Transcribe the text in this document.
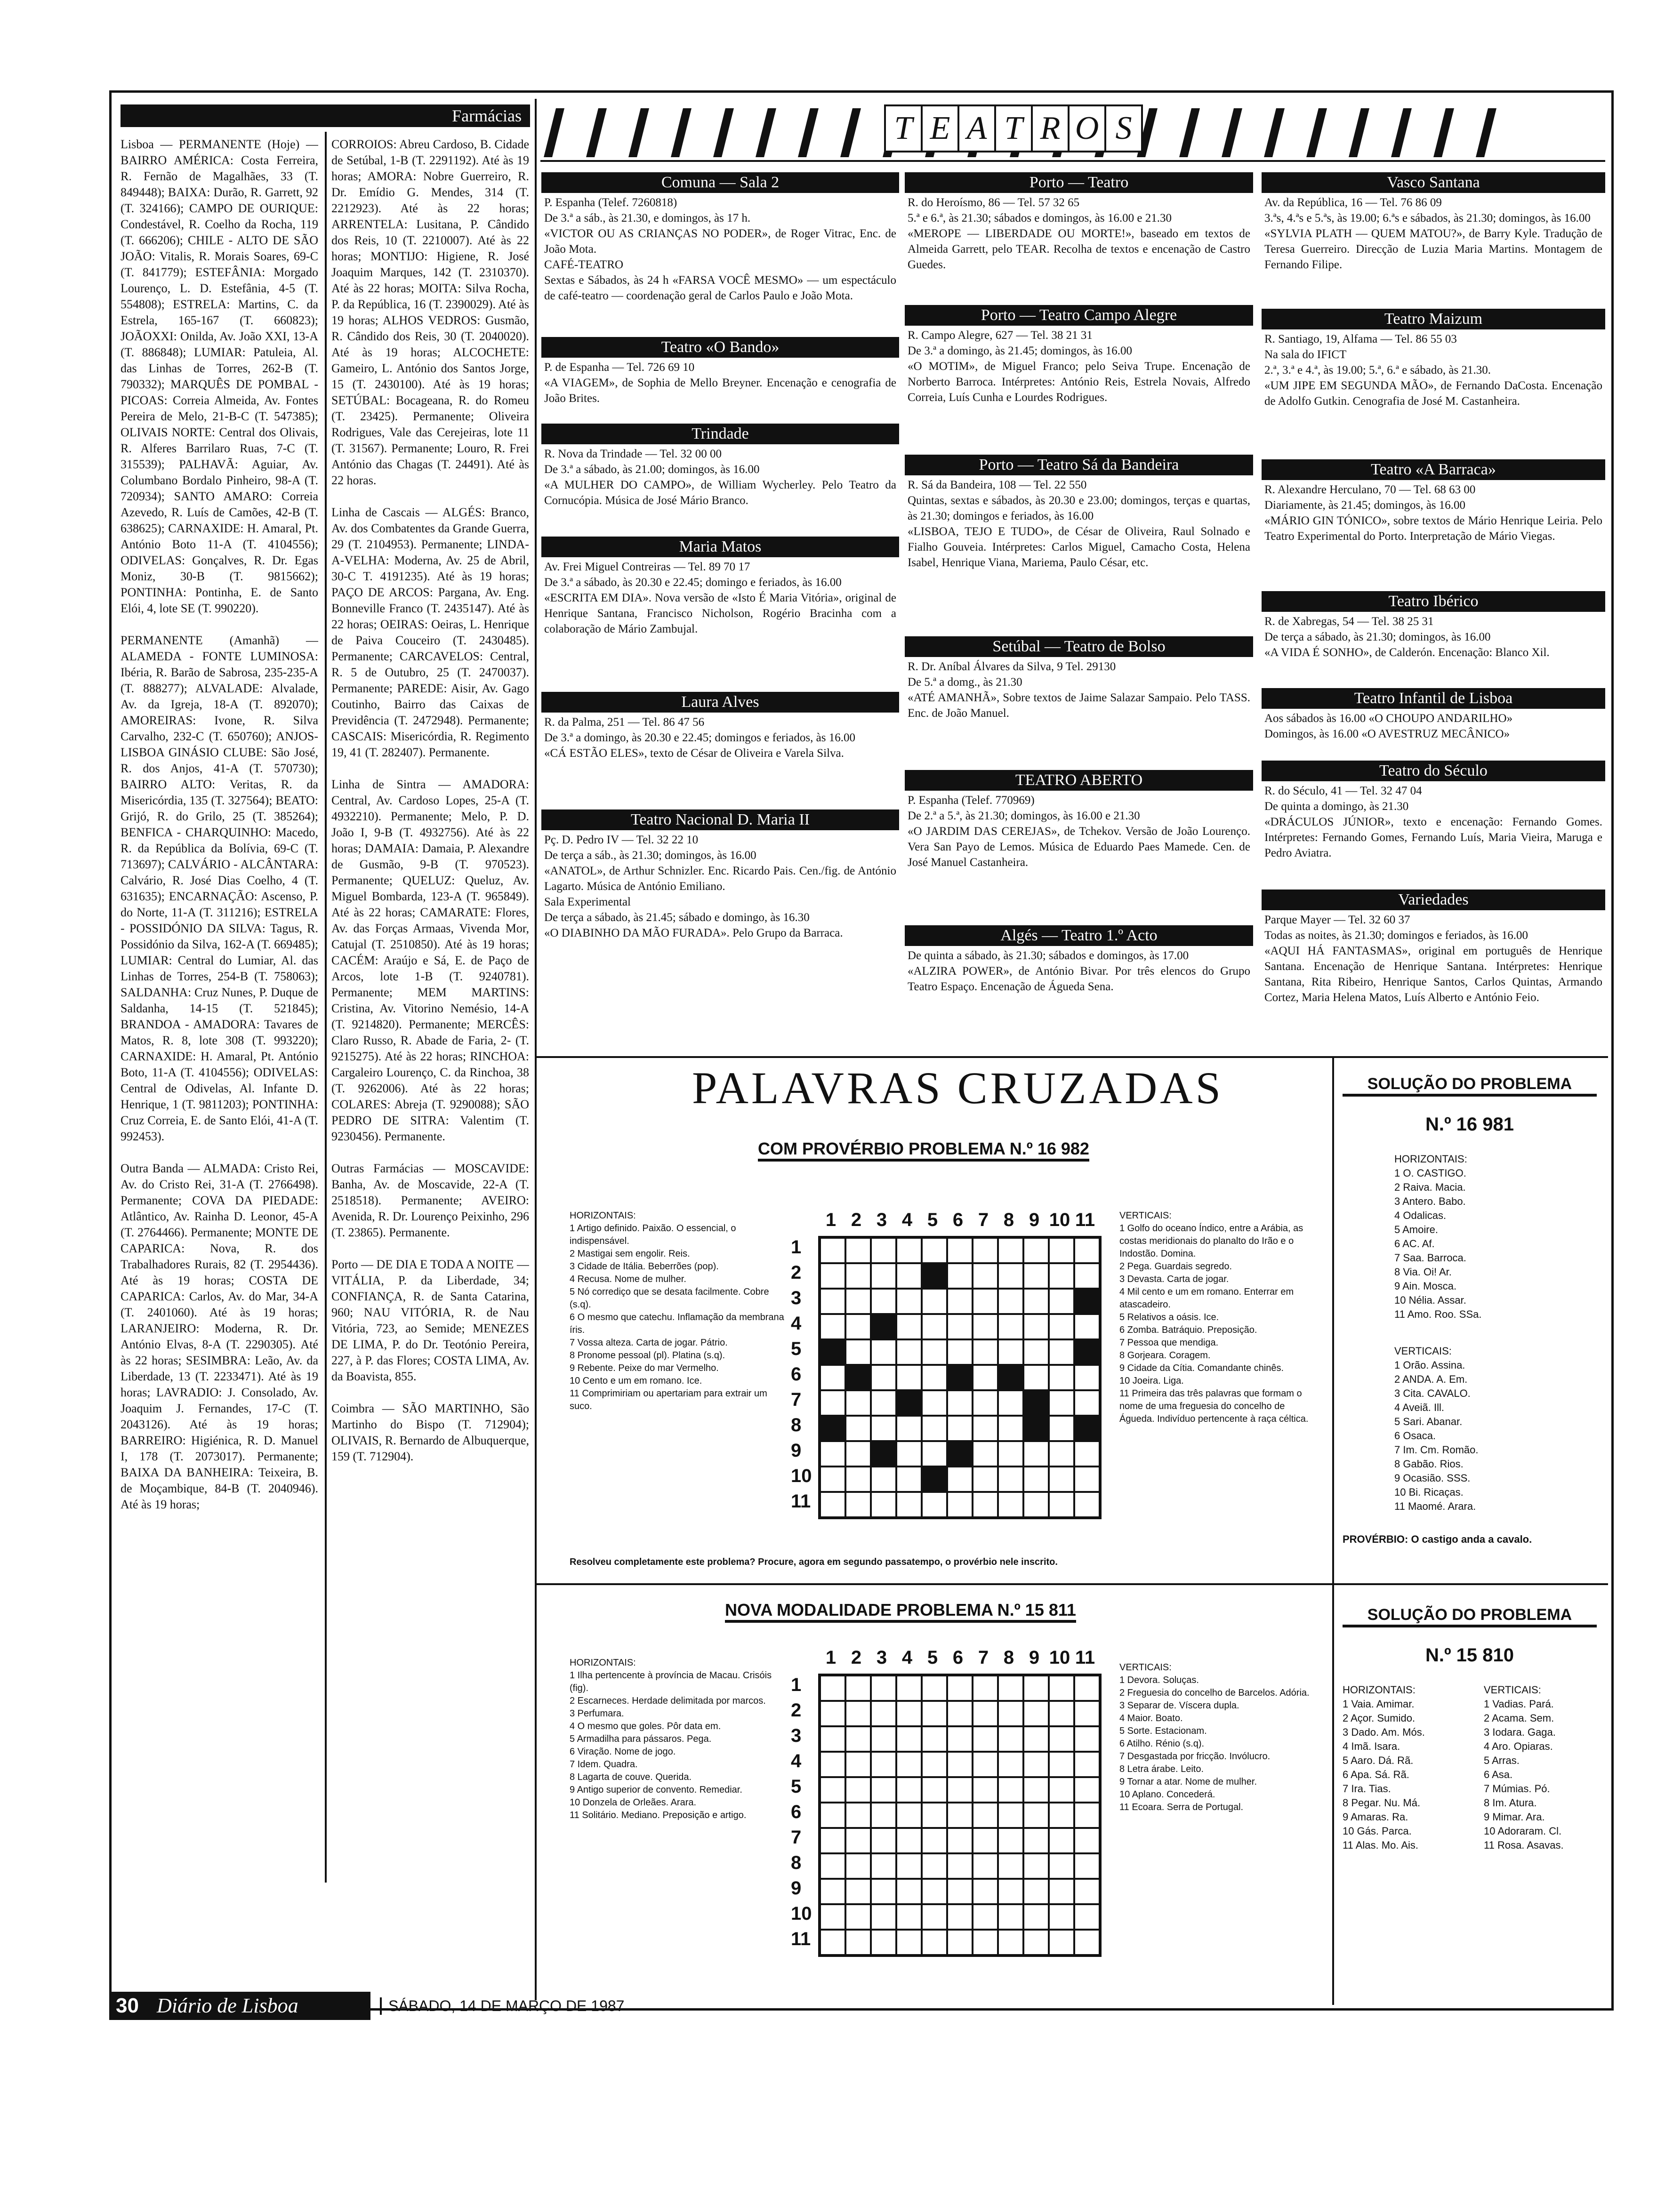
Farmácias
Lisboa — PERMANENTE (Hoje) — BAIRRO AMÉRICA: Costa Ferreira, R. Fernão de Magalhães, 33 (T. 849448); BAIXA: Durão, R. Garrett, 92 (T. 324166); CAMPO DE OURIQUE: Condestável, R. Coelho da Rocha, 119 (T. 666206); CHILE - ALTO DE SÃO JOÃO: Vitalis, R. Morais Soares, 69-C (T. 841779); ESTEFÂNIA: Morgado Lourenço, L. D. Estefânia, 4-5 (T. 554808); ESTRELA: Martins, C. da Estrela, 165-167 (T. 660823); JOÃOXXI: Onilda, Av. João XXI, 13-A (T. 886848); LUMIAR: Patuleia, Al. das Linhas de Torres, 262-B (T. 790332); MARQUÊS DE POMBAL - PICOAS: Correia Almeida, Av. Fontes Pereira de Melo, 21-B-C (T. 547385); OLIVAIS NORTE: Central dos Olivais, R. Alferes Barrilaro Ruas, 7-C (T. 315539); PALHAVÃ: Aguiar, Av. Columbano Bordalo Pinheiro, 98-A (T. 720934); SANTO AMARO: Correia Azevedo, R. Luís de Camões, 42-B (T. 638625); CARNAXIDE: H. Amaral, Pt. António Boto 11-A (T. 4104556); ODIVELAS: Gonçalves, R. Dr. Egas Moniz, 30-B (T. 9815662); PONTINHA: Pontinha, E. de Santo Elói, 4, lote SE (T. 990220).

PERMANENTE (Amanhã) — ALAMEDA - FONTE LUMINOSA: Ibéria, R. Barão de Sabrosa, 235-235-A (T. 888277); ALVALADE: Alvalade, Av. da Igreja, 18-A (T. 892070); AMOREIRAS: Ivone, R. Silva Carvalho, 232-C (T. 650760); ANJOS-LISBOA GINÁSIO CLUBE: São José, R. dos Anjos, 41-A (T. 570730); BAIRRO ALTO: Veritas, R. da Misericórdia, 135 (T. 327564); BEATO: Grijó, R. do Grilo, 25 (T. 385264); BENFICA - CHARQUINHO: Macedo, R. da República da Bolívia, 69-C (T. 713697); CALVÁRIO - ALCÂNTARA: Calvário, R. José Dias Coelho, 4 (T. 631635); ENCARNAÇÃO: Ascenso, P. do Norte, 11-A (T. 311216); ESTRELA - POSSIDÓNIO DA SILVA: Tagus, R. Possidónio da Silva, 162-A (T. 669485); LUMIAR: Central do Lumiar, Al. das Linhas de Torres, 254-B (T. 758063); SALDANHA: Cruz Nunes, P. Duque de Saldanha, 14-15 (T. 521845); BRANDOA - AMADORA: Tavares de Matos, R. 8, lote 308 (T. 993220); CARNAXIDE: H. Amaral, Pt. António Boto, 11-A (T. 4104556); ODIVELAS: Central de Odivelas, Al. Infante D. Henrique, 1 (T. 9811203); PONTINHA: Cruz Correia, E. de Santo Elói, 41-A (T. 992453).

Outra Banda — ALMADA: Cristo Rei, Av. do Cristo Rei, 31-A (T. 2766498). Permanente; COVA DA PIEDADE: Atlântico, Av. Rainha D. Leonor, 45-A (T. 2764466). Permanente; MONTE DE CAPARICA: Nova, R. dos Trabalhadores Rurais, 82 (T. 2954436). Até às 19 horas; COSTA DE CAPARICA: Carlos, Av. do Mar, 34-A (T. 2401060). Até às 19 horas; LARANJEIRO: Moderna, R. Dr. António Elvas, 8-A (T. 2290305). Até às 22 horas; SESIMBRA: Leão, Av. da Liberdade, 13 (T. 2233471). Até às 19 horas; LAVRADIO: J. Consolado, Av. Joaquim J. Fernandes, 17-C (T. 2043126). Até às 19 horas; BARREIRO: Higiénica, R. D. Manuel I, 178 (T. 2073017). Permanente; BAIXA DA BANHEIRA: Teixeira, B. de Moçambique, 84-B (T. 2040946). Até às 19 horas;
CORROIOS: Abreu Cardoso, B. Cidade de Setúbal, 1-B (T. 2291192). Até às 19 horas; AMORA: Nobre Guerreiro, R. Dr. Emídio G. Mendes, 314 (T. 2212923). Até às 22 horas; ARRENTELA: Lusitana, P. Cândido dos Reis, 10 (T. 2210007). Até às 22 horas; MONTIJO: Higiene, R. José Joaquim Marques, 142 (T. 2310370). Até às 22 horas; MOITA: Silva Rocha, P. da República, 16 (T. 2390029). Até às 19 horas; ALHOS VEDROS: Gusmão, R. Cândido dos Reis, 30 (T. 2040020). Até às 19 horas; ALCOCHETE: Gameiro, L. António dos Santos Jorge, 15 (T. 2430100). Até às 19 horas; SETÚBAL: Bocageana, R. do Romeu (T. 23425). Permanente; Oliveira Rodrigues, Vale das Cerejeiras, lote 11 (T. 31567). Permanente; Louro, R. Frei António das Chagas (T. 24491). Até às 22 horas.

Linha de Cascais — ALGÉS: Branco, Av. dos Combatentes da Grande Guerra, 29 (T. 2104953). Permanente; LINDA-A-VELHA: Moderna, Av. 25 de Abril, 30-C T. 4191235). Até às 19 horas; PAÇO DE ARCOS: Pargana, Av. Eng. Bonneville Franco (T. 2435147). Até às 22 horas; OEIRAS: Oeiras, L. Henrique de Paiva Couceiro (T. 2430485). Permanente; CARCAVELOS: Central, R. 5 de Outubro, 25 (T. 2470037). Permanente; PAREDE: Aisir, Av. Gago Coutinho, Bairro das Caixas de Previdência (T. 2472948). Permanente; CASCAIS: Misericórdia, R. Regimento 19, 41 (T. 282407). Permanente.

Linha de Sintra — AMADORA: Central, Av. Cardoso Lopes, 25-A (T. 4932210). Permanente; Melo, P. D. João I, 9-B (T. 4932756). Até às 22 horas; DAMAIA: Damaia, P. Alexandre de Gusmão, 9-B (T. 970523). Permanente; QUELUZ: Queluz, Av. Miguel Bombarda, 123-A (T. 965849). Até às 22 horas; CAMARATE: Flores, Av. das Forças Armaas, Vivenda Mor, Catujal (T. 2510850). Até às 19 horas; CACÉM: Araújo e Sá, E. de Paço de Arcos, lote 1-B (T. 9240781). Permanente; MEM MARTINS: Cristina, Av. Vitorino Nemésio, 14-A (T. 9214820). Permanente; MERCÊS: Claro Russo, R. Abade de Faria, 2- (T. 9215275). Até às 22 horas; RINCHOA: Cargaleiro Lourenço, C. da Rinchoa, 38 (T. 9262006). Até às 22 horas; COLARES: Abreja (T. 9290088); SÃO PEDRO DE SITRA: Valentim (T. 9230456). Permanente.

Outras Farmácias — MOSCAVIDE: Banha, Av. de Moscavide, 22-A (T. 2518518). Permanente; AVEIRO: Avenida, R. Dr. Lourenço Peixinho, 296 (T. 23865). Permanente.

Porto — DE DIA E TODA A NOITE — VITÁLIA, P. da Liberdade, 34; CONFIANÇA, R. de Santa Catarina, 960; NAU VITÓRIA, R. de Nau Vitória, 723, ao Semide; MENEZES DE LIMA, P. do Dr. Teotónio Pereira, 227, à P. das Flores; COSTA LIMA, Av. da Boavista, 855.

Coimbra — SÃO MARTINHO, São Martinho do Bispo (T. 712904); OLIVAIS, R. Bernardo de Albuquerque, 159 (T. 712904).
T E A T R O S
Comuna — Sala 2
P. Espanha (Telef. 7260818)
De 3.ª a sáb., às 21.30, e domingos, às 17 h.
«VICTOR OU AS CRIANÇAS NO PODER», de Roger Vitrac, Enc. de João Mota.
CAFÉ-TEATRO
Sextas e Sábados, às 24 h «FARSA VOCÊ MESMO» — um espectáculo de café-teatro — coordenação geral de Carlos Paulo e João Mota.
Teatro «O Bando»
P. de Espanha — Tel. 726 69 10
«A VIAGEM», de Sophia de Mello Breyner. Encenação e cenografia de João Brites.
Trindade
R. Nova da Trindade — Tel. 32 00 00
De 3.ª a sábado, às 21.00; domingos, às 16.00
«A MULHER DO CAMPO», de William Wycherley. Pelo Teatro da Cornucópia. Música de José Mário Branco.
Maria Matos
Av. Frei Miguel Contreiras — Tel. 89 70 17
De 3.ª a sábado, às 20.30 e 22.45; domingo e feriados, às 16.00
«ESCRITA EM DIA». Nova versão de «Isto É Maria Vitória», original de Henrique Santana, Francisco Nicholson, Rogério Bracinha com a colaboração de Mário Zambujal.
Laura Alves
R. da Palma, 251 — Tel. 86 47 56
De 3.ª a domingo, às 20.30 e 22.45; domingos e feriados, às 16.00
«CÁ ESTÃO ELES», texto de César de Oliveira e Varela Silva.
Teatro Nacional D. Maria II
Pç. D. Pedro IV — Tel. 32 22 10
De terça a sáb., às 21.30; domingos, às 16.00
«ANATOL», de Arthur Schnizler. Enc. Ricardo Pais. Cen./fig. de António Lagarto. Música de António Emiliano.
Sala Experimental
De terça a sábado, às 21.45; sábado e domingo, às 16.30
«O DIABINHO DA MÃO FURADA». Pelo Grupo da Barraca.
Porto — Teatro
R. do Heroísmo, 86 — Tel. 57 32 65
5.ª e 6.ª, às 21.30; sábados e domingos, às 16.00 e 21.30
«MEROPE — LIBERDADE OU MORTE!», baseado em textos de Almeida Garrett, pelo TEAR. Recolha de textos e encenação de Castro Guedes.
Porto — Teatro Campo Alegre
R. Campo Alegre, 627 — Tel. 38 21 31
De 3.ª a domingo, às 21.45; domingos, às 16.00
«O MOTIM», de Miguel Franco; pelo Seiva Trupe. Encenação de Norberto Barroca. Intérpretes: António Reis, Estrela Novais, Alfredo Correia, Luís Cunha e Lourdes Rodrigues.
Porto — Teatro Sá da Bandeira
R. Sá da Bandeira, 108 — Tel. 22 550
Quintas, sextas e sábados, às 20.30 e 23.00; domingos, terças e quartas, às 21.30; domingos e feriados, às 16.00
«LISBOA, TEJO E TUDO», de César de Oliveira, Raul Solnado e Fialho Gouveia. Intérpretes: Carlos Miguel, Camacho Costa, Helena Isabel, Henrique Viana, Mariema, Paulo César, etc.
Setúbal — Teatro de Bolso
R. Dr. Aníbal Álvares da Silva, 9 Tel. 29130
De 5.ª a domg., às 21.30
«ATÉ AMANHÃ», Sobre textos de Jaime Salazar Sampaio. Pelo TASS. Enc. de João Manuel.
TEATRO ABERTO
P. Espanha (Telef. 770969)
De 2.ª a 5.ª, às 21.30; domingos, às 16.00 e 21.30
«O JARDIM DAS CEREJAS», de Tchekov. Versão de João Lourenço. Vera San Payo de Lemos. Música de Eduardo Paes Mamede. Cen. de José Manuel Castanheira.
Algés — Teatro 1.º Acto
De quinta a sábado, às 21.30; sábados e domingos, às 17.00
«ALZIRA POWER», de António Bivar. Por três elencos do Grupo Teatro Espaço. Encenação de Águeda Sena.
Vasco Santana
Av. da República, 16 — Tel. 76 86 09
3.ªs, 4.ªs e 5.ªs, às 19.00; 6.ªs e sábados, às 21.30; domingos, às 16.00
«SYLVIA PLATH — QUEM MATOU?», de Barry Kyle. Tradução de Teresa Guerreiro. Direcção de Luzia Maria Martins. Montagem de Fernando Filipe.
Teatro Maizum
R. Santiago, 19, Alfama — Tel. 86 55 03
Na sala do IFICT
2.ª, 3.ª e 4.ª, às 19.00; 5.ª, 6.ª e sábado, às 21.30.
«UM JIPE EM SEGUNDA MÃO», de Fernando DaCosta. Encenação de Adolfo Gutkin. Cenografia de José M. Castanheira.
Teatro «A Barraca»
R. Alexandre Herculano, 70 — Tel. 68 63 00
Diariamente, às 21.45; domingos, às 16.00
«MÁRIO GIN TÓNICO», sobre textos de Mário Henrique Leiria. Pelo Teatro Experimental do Porto. Interpretação de Mário Viegas.
Teatro Ibérico
R. de Xabregas, 54 — Tel. 38 25 31
De terça a sábado, às 21.30; domingos, às 16.00
«A VIDA É SONHO», de Calderón. Encenação: Blanco Xil.
Teatro Infantil de Lisboa
Aos sábados às 16.00 «O CHOUPO ANDARILHO»
Domingos, às 16.00 «O AVESTRUZ MECÂNICO»
Teatro do Século
R. do Século, 41 — Tel. 32 47 04
De quinta a domingo, às 21.30
«DRÁCULOS JÚNIOR», texto e encenação: Fernando Gomes. Intérpretes: Fernando Gomes, Fernando Luís, Maria Vieira, Maruga e Pedro Aviatra.
Variedades
Parque Mayer — Tel. 32 60 37
Todas as noites, às 21.30; domingos e feriados, às 16.00
«AQUI HÁ FANTASMAS», original em português de Henrique Santana. Encenação de Henrique Santana. Intérpretes: Henrique Santana, Rita Ribeiro, Henrique Santos, Carlos Quintas, Armando Cortez, Maria Helena Matos, Luís Alberto e António Feio.
PALAVRAS CRUZADAS
COM PROVÉRBIO PROBLEMA N.º 16 982
1 2 3 4 5 6 7 8 9 10 11
1
2
3
4
5
6
7
8
9
10
11
HORIZONTAIS:
1 Artigo definido. Paixão. O essencial, o indispensável.
2 Mastigai sem engolir. Reis.
3 Cidade de Itália. Beberrões (pop).
4 Recusa. Nome de mulher.
5 Nó corrediço que se desata facilmente. Cobre (s.q).
6 O mesmo que catechu. Inflamação da membrana íris.
7 Vossa alteza. Carta de jogar. Pátrio.
8 Pronome pessoal (pl). Platina (s.q).
9 Rebente. Peixe do mar Vermelho.
10 Cento e um em romano. Ice.
11 Comprimiriam ou apertariam para extrair um suco.
VERTICAIS:
1 Golfo do oceano Índico, entre a Arábia, as costas meridionais do planalto do Irão e o Indostão. Domina.
2 Pega. Guardais segredo.
3 Devasta. Carta de jogar.
4 Mil cento e um em romano. Enterrar em atascadeiro.
5 Relativos a oásis. Ice.
6 Zomba. Batráquio. Preposição.
7 Pessoa que mendiga.
8 Gorjeara. Coragem.
9 Cidade da Cítia. Comandante chinês.
10 Joeira. Liga.
11 Primeira das três palavras que formam o nome de uma freguesia do concelho de Águeda. Indivíduo pertencente à raça céltica.
Resolveu completamente este problema? Procure, agora em segundo passatempo, o provérbio nele inscrito.

SOLUÇÃO DO PROBLEMA

N.º 16 981

HORIZONTAIS:
1 O. CASTIGO.
2 Raiva. Macia.
3 Antero. Babo.
4 Odalicas.
5 Amoire.
6 AC. Af.
7 Saa. Barroca.
8 Via. Oi! Ar.
9 Ain. Mosca.
10 Nélia. Assar.
11 Amo. Roo. SSa.

VERTICAIS:
1 Orão. Assina.
2 ANDA. A. Em.
3 Cita. CAVALO.
4 Aveiã. Ill.
5 Sari. Abanar.
6 Osaca.
7 Im. Cm. Romão.
8 Gabão. Rios.
9 Ocasião. SSS.
10 Bi. Ricaças.
11 Maomé. Arara.

PROVÉRBIO: O castigo anda a cavalo.

NOVA MODALIDADE PROBLEMA N.º 15 811
1 2 3 4 5 6 7 8 9 10 11
1
2
3
4
5
6
7
8
9
10
11
HORIZONTAIS:
1 Ilha pertencente à província de Macau. Crisóis (fig).
2 Escarneces. Herdade delimitada por marcos.
3 Perfumara.
4 O mesmo que goles. Pôr data em.
5 Armadilha para pássaros. Pega.
6 Viração. Nome de jogo.
7 Idem. Quadra.
8 Lagarta de couve. Querida.
9 Antigo superior de convento. Remediar.
10 Donzela de Orleães. Arara.
11 Solitário. Mediano. Preposição e artigo.
VERTICAIS:
1 Devora. Soluças.
2 Freguesia do concelho de Barcelos. Adória.
3 Separar de. Víscera dupla.
4 Maior. Boato.
5 Sorte. Estacionam.
6 Atilho. Rénio (s.q).
7 Desgastada por fricção. Invólucro.
8 Letra árabe. Leito.
9 Tornar a atar. Nome de mulher.
10 Aplano. Concederá.
11 Ecoara. Serra de Portugal.

SOLUÇÃO DO PROBLEMA

N.º 15 810

HORIZONTAIS:
1 Vaia. Amimar.
2 Açor. Sumido.
3 Dado. Am. Mós.
4 Imã. Isara.
5 Aaro. Dá. Rã.
6 Apa. Sá. Rã.
7 Ira. Tias.
8 Pegar. Nu. Má.
9 Amaras. Ra.
10 Gás. Parca.
11 Alas. Mo. Ais.
VERTICAIS:
1 Vadias. Pará.
2 Acama. Sem.
3 Iodara. Gaga.
4 Aro. Opiaras.
5 Arras.
6 Asa.
7 Múmias. Pó.
8 Im. Atura.
9 Mimar. Ara.
10 Adoraram. Cl.
11 Rosa. Asavas.

30 Diário de Lisboa	SÁBADO, 14 DE MARÇO DE 1987
